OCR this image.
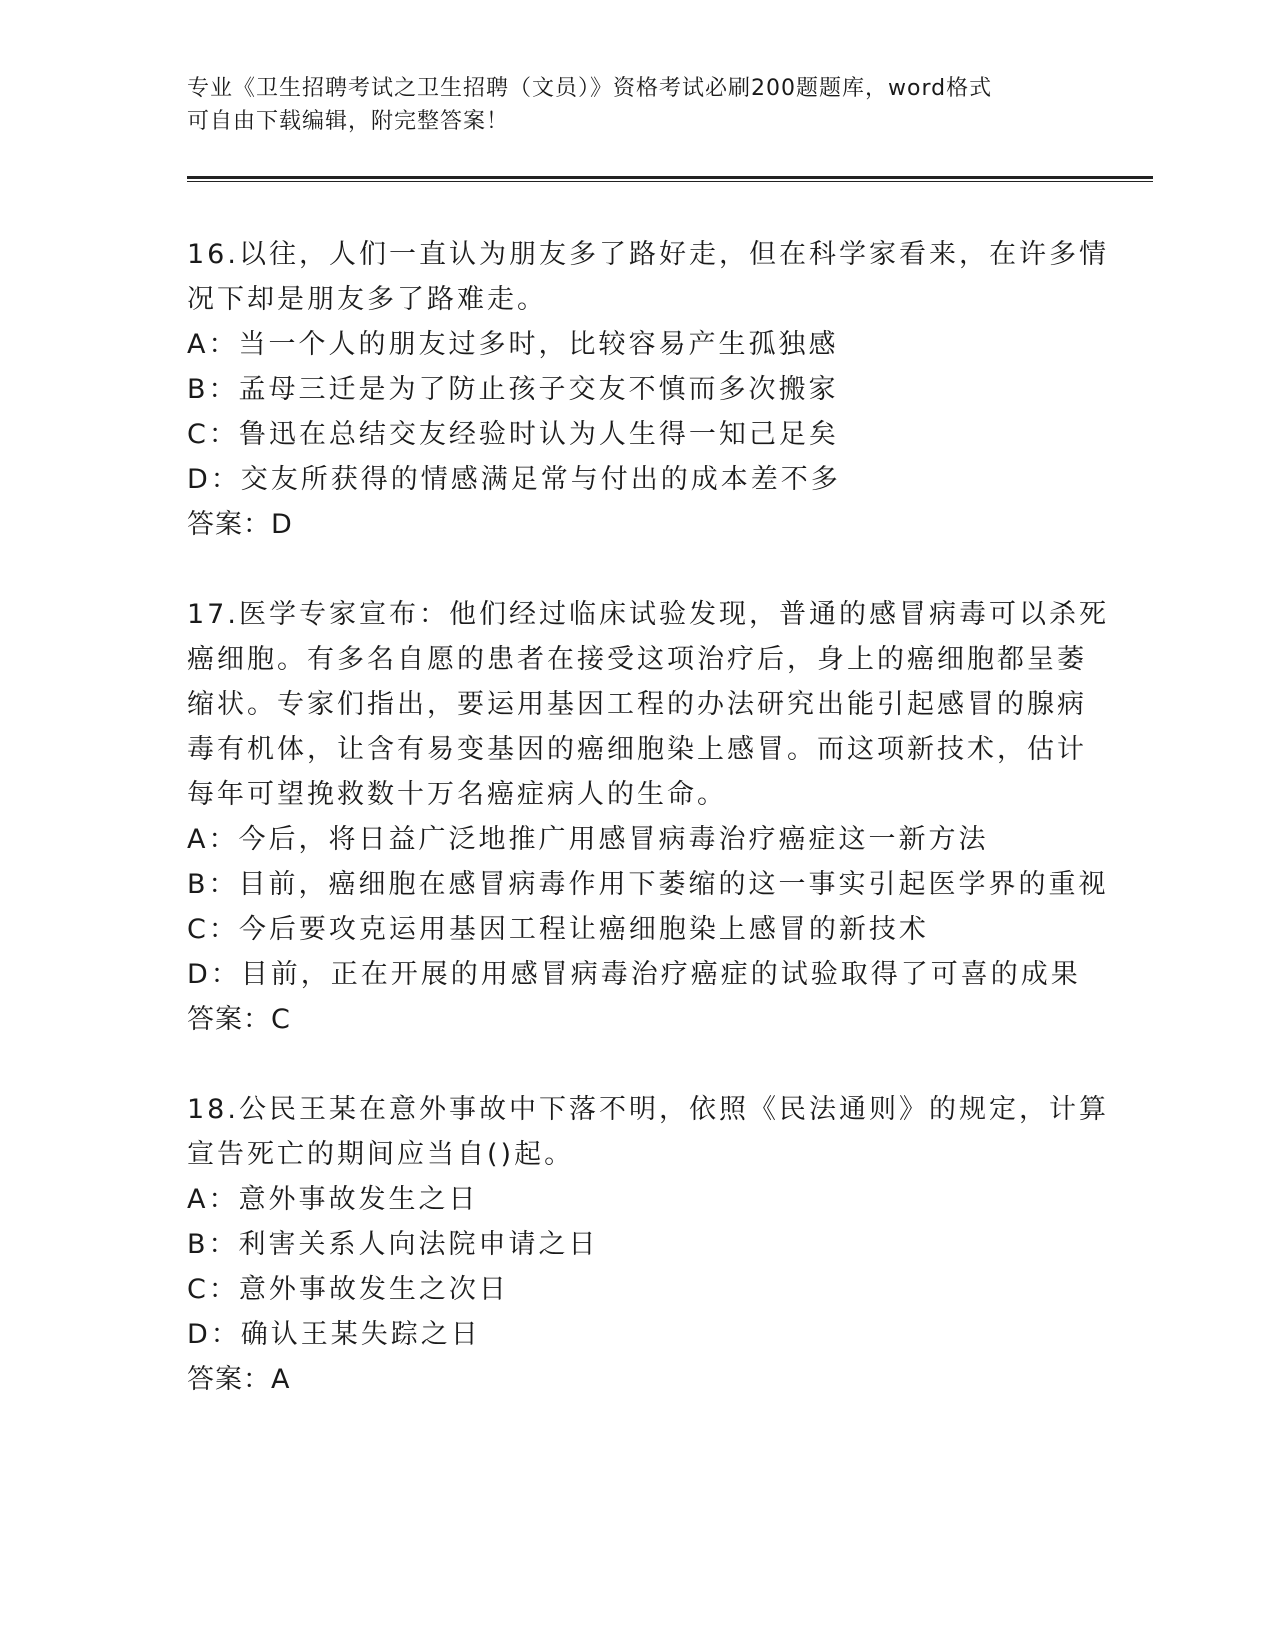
专业《卫生招聘考试之卫生招聘（文员）》资格考试必刷200题题库，word格式
可自由下载编辑，附完整答案！
16.以往，人们一直认为朋友多了路好走，但在科学家看来，在许多情
况下却是朋友多了路难走。
A：当一个人的朋友过多时，比较容易产生孤独感
B：孟母三迁是为了防止孩子交友不慎而多次搬家
C：鲁迅在总结交友经验时认为人生得一知己足矣
D：交友所获得的情感满足常与付出的成本差不多
答案：D
17.医学专家宣布：他们经过临床试验发现，普通的感冒病毒可以杀死
癌细胞。有多名自愿的患者在接受这项治疗后，身上的癌细胞都呈萎
缩状。专家们指出，要运用基因工程的办法研究出能引起感冒的腺病
毒有机体，让含有易变基因的癌细胞染上感冒。而这项新技术，估计
每年可望挽救数十万名癌症病人的生命。
A：今后，将日益广泛地推广用感冒病毒治疗癌症这一新方法
B：目前，癌细胞在感冒病毒作用下萎缩的这一事实引起医学界的重视
C：今后要攻克运用基因工程让癌细胞染上感冒的新技术
D：目前，正在开展的用感冒病毒治疗癌症的试验取得了可喜的成果
答案：C
18.公民王某在意外事故中下落不明，依照《民法通则》的规定，计算
宣告死亡的期间应当自()起。
A：意外事故发生之日
B：利害关系人向法院申请之日
C：意外事故发生之次日
D：确认王某失踪之日
答案：A
